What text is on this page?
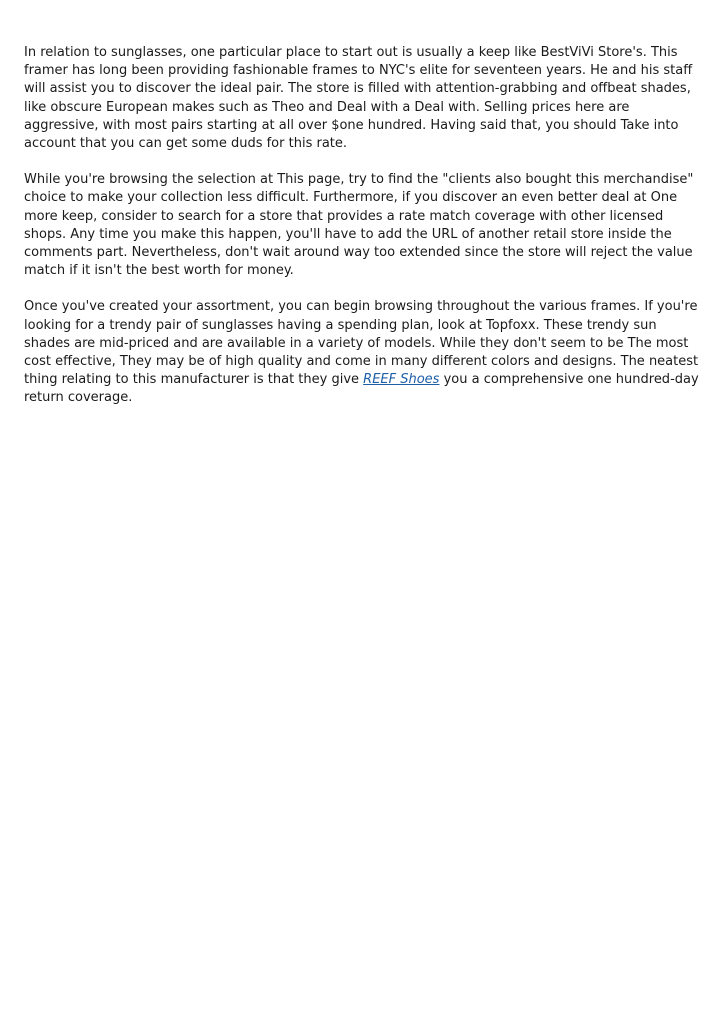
In relation to sunglasses, one particular place to start out is usually a keep like BestViVi Store's. This framer has long been providing fashionable frames to NYC's elite for seventeen years. He and his staff will assist you to discover the ideal pair. The store is filled with attention-grabbing and offbeat shades, like obscure European makes such as Theo and Deal with a Deal with. Selling prices here are aggressive, with most pairs starting at all over $one hundred. Having said that, you should Take into account that you can get some duds for this rate.

While you're browsing the selection at This page, try to find the "clients also bought this merchandise" choice to make your collection less difficult. Furthermore, if you discover an even better deal at One more keep, consider to search for a store that provides a rate match coverage with other licensed shops. Any time you make this happen, you'll have to add the URL of another retail store inside the comments part. Nevertheless, don't wait around way too extended since the store will reject the value match if it isn't the best worth for money.

Once you've created your assortment, you can begin browsing throughout the various frames. If you're looking for a trendy pair of sunglasses having a spending plan, look at Topfoxx. These trendy sun shades are mid-priced and are available in a variety of models. While they don't seem to be The most cost effective, They may be of high quality and come in many different colors and designs. The neatest thing relating to this manufacturer is that they give REEF Shoes you a comprehensive one hundred-day return coverage.
